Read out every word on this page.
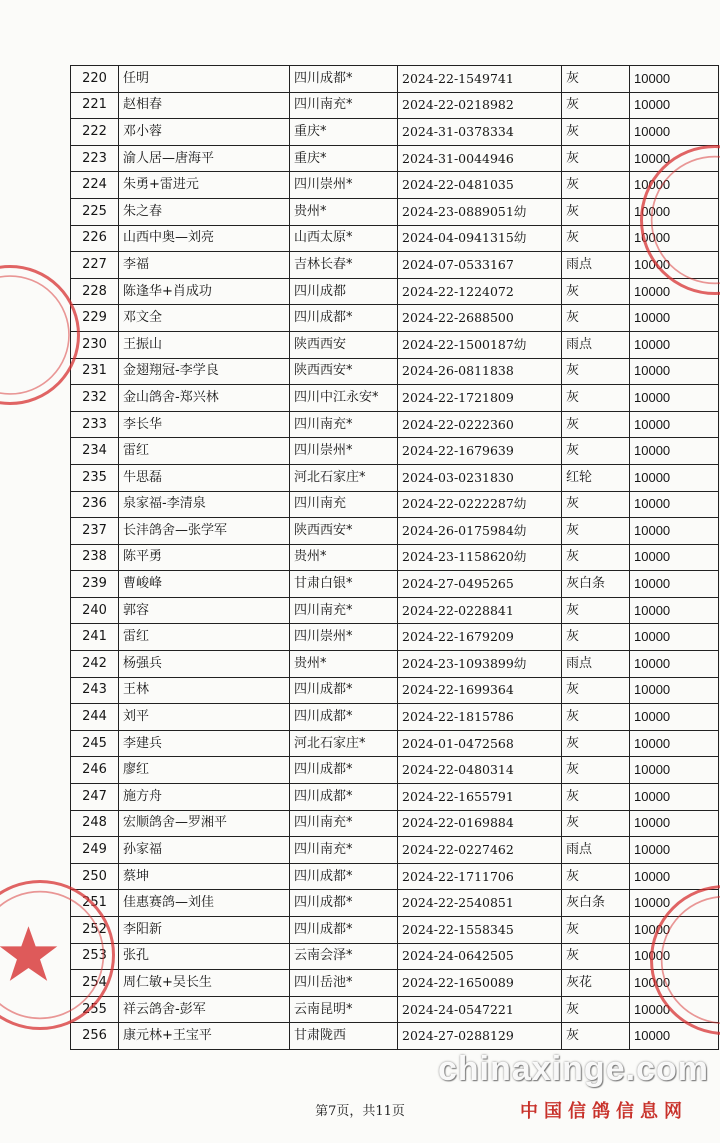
220	任明	四川成都*	2024-22-1549741	灰	10000
221	赵相春	四川南充*	2024-22-0218982	灰	10000
222	邓小蓉	重庆*	2024-31-0378334	灰	10000
223	渝人居—唐海平	重庆*	2024-31-0044946	灰	10000
224	朱勇+雷进元	四川崇州*	2024-22-0481035	灰	10000
225	朱之春	贵州*	2024-23-0889051幼	灰	10000
226	山西中奥—刘亮	山西太原*	2024-04-0941315幼	灰	10000
227	李福	吉林长春*	2024-07-0533167	雨点	10000
228	陈逢华+肖成功	四川成都	2024-22-1224072	灰	10000
229	邓文全	四川成都*	2024-22-2688500	灰	10000
230	王振山	陕西西安	2024-22-1500187幼	雨点	10000
231	金翅翔冠-李学良	陕西西安*	2024-26-0811838	灰	10000
232	金山鸽舍-郑兴林	四川中江永安*	2024-22-1721809	灰	10000
233	李长华	四川南充*	2024-22-0222360	灰	10000
234	雷红	四川崇州*	2024-22-1679639	灰	10000
235	牛思磊	河北石家庄*	2024-03-0231830	红轮	10000
236	泉家福-李清泉	四川南充	2024-22-0222287幼	灰	10000
237	长沣鸽舍—张学军	陕西西安*	2024-26-0175984幼	灰	10000
238	陈平勇	贵州*	2024-23-1158620幼	灰	10000
239	曹峻峰	甘肃白银*	2024-27-0495265	灰白条	10000
240	郭容	四川南充*	2024-22-0228841	灰	10000
241	雷红	四川崇州*	2024-22-1679209	灰	10000
242	杨强兵	贵州*	2024-23-1093899幼	雨点	10000
243	王林	四川成都*	2024-22-1699364	灰	10000
244	刘平	四川成都*	2024-22-1815786	灰	10000
245	李建兵	河北石家庄*	2024-01-0472568	灰	10000
246	廖红	四川成都*	2024-22-0480314	灰	10000
247	施方舟	四川成都*	2024-22-1655791	灰	10000
248	宏顺鸽舍—罗湘平	四川南充*	2024-22-0169884	灰	10000
249	孙家福	四川南充*	2024-22-0227462	雨点	10000
250	蔡坤	四川成都*	2024-22-1711706	灰	10000
251	佳惠赛鸽—刘佳	四川成都*	2024-22-2540851	灰白条	10000
252	李阳新	四川成都*	2024-22-1558345	灰	10000
253	张孔	云南会泽*	2024-24-0642505	灰	10000
254	周仁敏+吴长生	四川岳池*	2024-22-1650089	灰花	10000
255	祥云鸽舍-彭军	云南昆明*	2024-24-0547221	灰	10000
256	康元林+王宝平	甘肃陇西	2024-27-0288129	灰	10000
chinaxinge.com
第7页，共11页	中国信鸽信息网
